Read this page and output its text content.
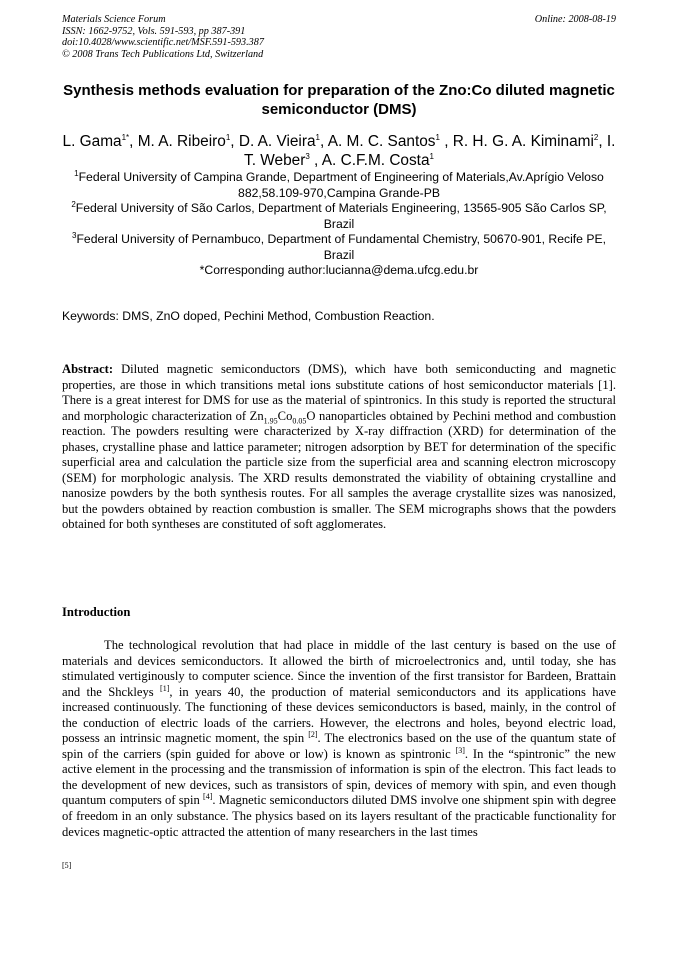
Materials Science Forum
ISSN: 1662-9752, Vols. 591-593, pp 387-391
doi:10.4028/www.scientific.net/MSF.591-593.387
© 2008 Trans Tech Publications Ltd, Switzerland
Online: 2008-08-19
Synthesis methods evaluation for preparation of the Zno:Co diluted magnetic semiconductor (DMS)
L. Gama$^{1*}$, M. A. Ribeiro$^1$, D. A. Vieira$^1$, A. M. C. Santos$^1$ , R. H. G. A. Kiminami$^2$, I. T. Weber$^3$ , A. C.F.M. Costa$^1$
$^1$Federal University of Campina Grande, Department of Engineering of Materials,Av.Aprígio Veloso 882,58.109-970,Campina Grande-PB
$^2$Federal University of São Carlos, Department of Materials Engineering, 13565-905 São Carlos SP, Brazil
$^3$Federal University of Pernambuco, Department of Fundamental Chemistry, 50670-901, Recife PE, Brazil
*Corresponding author:lucianna@dema.ufcg.edu.br
Keywords: DMS, ZnO doped, Pechini Method, Combustion Reaction.
Abstract: Diluted magnetic semiconductors (DMS), which have both semiconducting and magnetic properties, are those in which transitions metal ions substitute cations of host semiconductor materials [1]. There is a great interest for DMS for use as the material of spintronics. In this study is reported the structural and morphologic characterization of $Zn_{1.95}Co_{0.05}O$ nanoparticles obtained by Pechini method and combustion reaction. The powders resulting were characterized by X-ray diffraction (XRD) for determination of the phases, crystalline phase and lattice parameter; nitrogen adsorption by BET for determination of the specific superficial area and calculation the particle size from the superficial area and scanning electron microscopy (SEM) for morphologic analysis. The XRD results demonstrated the viability of obtaining crystalline and nanosize powders by the both synthesis routes. For all samples the average crystallite sizes was nanosized, but the powders obtained by reaction combustion is smaller. The SEM micrographs shows that the powders obtained for both syntheses are constituted of soft agglomerates.
Introduction
The technological revolution that had place in middle of the last century is based on the use of materials and devices semiconductors. It allowed the birth of microelectronics and, until today, she has stimulated vertiginously to computer science. Since the invention of the first transistor for Bardeen, Brattain and the Shckleys [1], in years 40, the production of material semiconductors and its applications have increased continuously. The functioning of these devices semiconductors is based, mainly, in the control of the conduction of electric loads of the carriers. However, the electrons and holes, beyond electric load, possess an intrinsic magnetic moment, the spin [2]. The electronics based on the use of the quantum state of spin of the carriers (spin guided for above or low) is known as spintronic [3]. In the “spintronic” the new active element in the processing and the transmission of information is spin of the electron. This fact leads to the development of new devices, such as transistors of spin, devices of memory with spin, and even though quantum computers of spin [4]. Magnetic semiconductors diluted DMS involve one shipment spin with degree of freedom in an only substance. The physics based on its layers resultant of the practicable functionality for devices magnetic-optic attracted the attention of many researchers in the last times
[5]
